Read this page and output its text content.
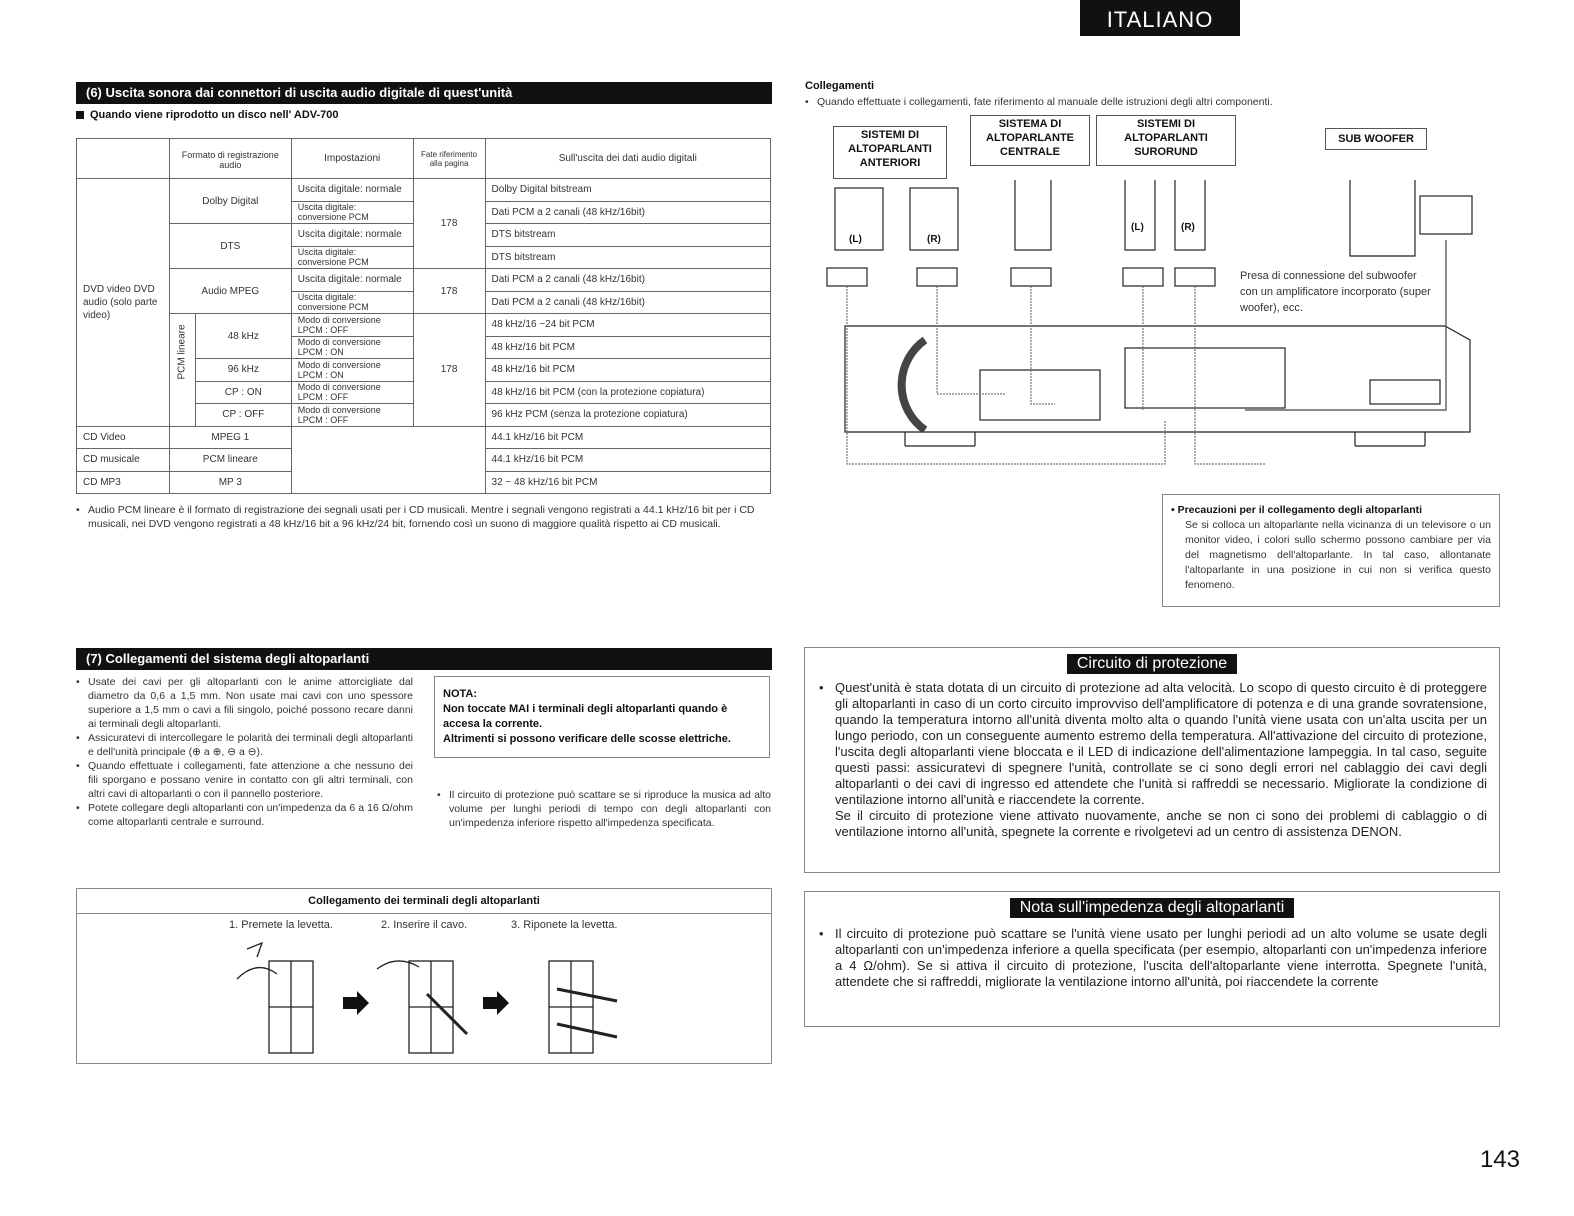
ITALIANO
(6) Uscita sonora dai connettori di uscita audio digitale di quest'unità
Quando viene riprodotto un disco nell' ADV-700
	Formato di registrazione audio		Impostazioni	Fate riferimento alla pagina	Sull'uscita dei dati audio digitali
DVD video DVD audio (solo parte video)	Dolby Digital		Uscita digitale: normale	178	Dolby Digital bitstream
			Uscita digitale: conversione PCM		Dati PCM a 2 canali (48 kHz/16bit)
	DTS		Uscita digitale: normale		DTS bitstream
			Uscita digitale: conversione PCM		DTS bitstream
	Audio MPEG		Uscita digitale: normale	178	Dati PCM a 2 canali (48 kHz/16bit)
			Uscita digitale: conversione PCM		Dati PCM a 2 canali (48 kHz/16bit)

	PCM lineare	48 kHz	Modo di conversione LPCM : OFF	178	48 kHz/16 ~24 bit PCM
			Modo di conversione LPCM : ON		48 kHz/16 bit PCM
		96 kHz	Modo di conversione LPCM : ON		48 kHz/16 bit PCM
		CP : ON	Modo di conversione LPCM : OFF		48 kHz/16 bit PCM (con la protezione copiatura)
		CP : OFF	Modo di conversione LPCM : OFF		96 kHz PCM (senza la protezione copiatura)
CD Video	MPEG 1				44.1 kHz/16 bit PCM
CD musicale	PCM lineare				44.1 kHz/16 bit PCM
CD MP3	MP 3				32 ~ 48 kHz/16 bit PCM
• Audio PCM lineare è il formato di registrazione dei segnali usati per i CD musicali. Mentre i segnali vengono registrati a 44.1 kHz/16 bit per i CD musicali, nei DVD vengono registrati a 48 kHz/16 bit a 96 kHz/24 bit, fornendo così un suono di maggiore qualità rispetto ai CD musicali.
Collegamenti
• Quando effettuate i collegamenti, fate riferimento al manuale delle istruzioni degli altri componenti.
SISTEMI DI ALTOPARLANTI ANTERIORI
SISTEMA DI ALTOPARLANTE CENTRALE
SISTEMI DI ALTOPARLANTI SURORUND
SUB WOOFER
(L)	(R)
(L)	(R)
Presa di connessione del subwoofer con un amplificatore incorporato (super woofer), ecc.
• Precauzioni per il collegamento degli altoparlanti
Se si colloca un altoparlante nella vicinanza di un televisore o un monitor video, i colori sullo schermo possono cambiare per via del magnetismo dell'altoparlante. In tal caso, allontanate l'altoparlante in una posizione in cui non si verifica questo fenomeno.
(7) Collegamenti del sistema degli altoparlanti
• Usate dei cavi per gli altoparlanti con le anime attorcigliate dal diametro da 0,6 a 1,5 mm. Non usate mai cavi con uno spessore superiore a 1,5 mm o cavi a fili singolo, poiché possono recare danni ai terminali degli altoparlanti.
• Assicuratevi di intercollegare le polarità dei terminali degli altoparlanti e dell'unità principale (⊕ a ⊕, ⊖ a ⊖).
• Quando effettuate i collegamenti, fate attenzione a che nessuno dei fili sporgano e possano venire in contatto con gli altri terminali, con altri cavi di altoparlanti o con il pannello posteriore.
• Potete collegare degli altoparlanti con un'impedenza da 6 a 16 Ω/ohm come altoparlanti centrale e surround.
NOTA:
Non toccate MAI i terminali degli altoparlanti quando è accesa la corrente.
Altrimenti si possono verificare delle scosse elettriche.
• Il circuito di protezione può scattare se si riproduce la musica ad alto volume per lunghi periodi di tempo con degli altoparlanti con un'impedenza inferiore rispetto all'impedenza specificata.
Collegamento dei terminali degli altoparlanti
1. Premete la levetta.	2. Inserire il cavo.	3. Riponete la levetta.
Circuito di protezione
• Quest'unità è stata dotata di un circuito di protezione ad alta velocità. Lo scopo di questo circuito è di proteggere gli altoparlanti in caso di un corto circuito improvviso dell'amplificatore di potenza e di una grande sovratensione, quando la temperatura intorno all'unità diventa molto alta o quando l'unità viene usata con un'alta uscita per un lungo periodo, con un conseguente aumento estremo della temperatura. All'attivazione del circuito di protezione, l'uscita degli altoparlanti viene bloccata e il LED di indicazione dell'alimentazione lampeggia. In tal caso, seguite questi passi: assicuratevi di spegnere l'unità, controllate se ci sono degli errori nel cablaggio dei cavi degli altoparlanti o dei cavi di ingresso ed attendete che l'unità si raffreddi se necessario. Migliorate la condizione di ventilazione intorno all'unità e riaccendete la corrente.
Se il circuito di protezione viene attivato nuovamente, anche se non ci sono dei problemi di cablaggio o di ventilazione intorno all'unità, spegnete la corrente e rivolgetevi ad un centro di assistenza DENON.
Nota sull'impedenza degli altoparlanti
• Il circuito di protezione può scattare se l'unità viene usato per lunghi periodi ad un alto volume se usate degli altoparlanti con un'impedenza inferiore a quella specificata (per esempio, altoparlanti con un'impedenza inferiore a 4 Ω/ohm). Se si attiva il circuito di protezione, l'uscita dell'altoparlante viene interrotta. Spegnete l'unità, attendete che si raffreddi, migliorate la ventilazione intorno all'unità, poi riaccendete la corrente
143
